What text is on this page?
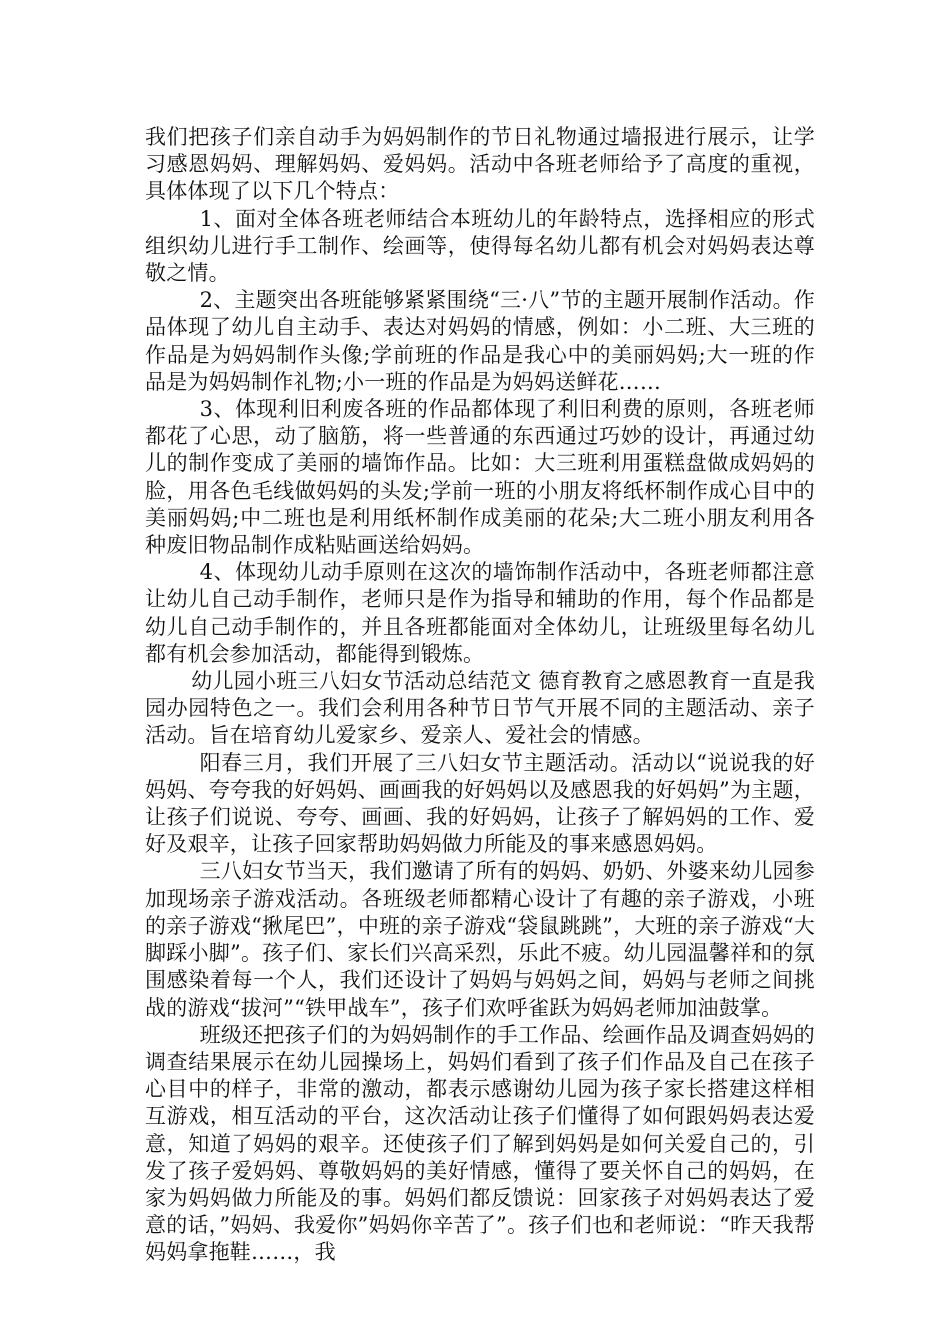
我们把孩子们亲自动手为妈妈制作的节日礼物通过墙报进行展示，让学习感恩妈妈、理解妈妈、爱妈妈。活动中各班老师给予了高度的重视，具体体现了以下几个特点：

1、面对全体各班老师结合本班幼儿的年龄特点，选择相应的形式组织幼儿进行手工制作、绘画等，使得每名幼儿都有机会对妈妈表达尊敬之情。

2、主题突出各班能够紧紧围绕“三·八”节的主题开展制作活动。作品体现了幼儿自主动手、表达对妈妈的情感，例如：小二班、大三班的作品是为妈妈制作头像;学前班的作品是我心中的美丽妈妈;大一班的作品是为妈妈制作礼物;小一班的作品是为妈妈送鲜花……

3、体现利旧利废各班的作品都体现了利旧利费的原则，各班老师都花了心思，动了脑筋，将一些普通的东西通过巧妙的设计，再通过幼儿的制作变成了美丽的墙饰作品。比如：大三班利用蛋糕盘做成妈妈的脸，用各色毛线做妈妈的头发;学前一班的小朋友将纸杯制作成心目中的美丽妈妈;中二班也是利用纸杯制作成美丽的花朵;大二班小朋友利用各种废旧物品制作成粘贴画送给妈妈。

4、体现幼儿动手原则在这次的墙饰制作活动中，各班老师都注意让幼儿自己动手制作，老师只是作为指导和辅助的作用，每个作品都是幼儿自己动手制作的，并且各班都能面对全体幼儿，让班级里每名幼儿都有机会参加活动，都能得到锻炼。

幼儿园小班三八妇女节活动总结范文 德育教育之感恩教育一直是我园办园特色之一。我们会利用各种节日节气开展不同的主题活动、亲子活动。旨在培育幼儿爱家乡、爱亲人、爱社会的情感。

阳春三月，我们开展了三八妇女节主题活动。活动以“说说我的好妈妈、夸夸我的好妈妈、画画我的好妈妈以及感恩我的好妈妈”为主题，让孩子们说说、夸夸、画画、我的好妈妈，让孩子了解妈妈的工作、爱好及艰辛，让孩子回家帮助妈妈做力所能及的事来感恩妈妈。

三八妇女节当天，我们邀请了所有的妈妈、奶奶、外婆来幼儿园参加现场亲子游戏活动。各班级老师都精心设计了有趣的亲子游戏，小班的亲子游戏“揪尾巴”，中班的亲子游戏“袋鼠跳跳”，大班的亲子游戏“大脚踩小脚”。孩子们、家长们兴高采烈，乐此不疲。幼儿园温馨祥和的氛围感染着每一个人，我们还设计了妈妈与妈妈之间，妈妈与老师之间挑战的游戏“拔河”“铁甲战车”，孩子们欢呼雀跃为妈妈老师加油鼓掌。

班级还把孩子们的为妈妈制作的手工作品、绘画作品及调查妈妈的调查结果展示在幼儿园操场上，妈妈们看到了孩子们作品及自己在孩子心目中的样子，非常的激动，都表示感谢幼儿园为孩子家长搭建这样相互游戏，相互活动的平台，这次活动让孩子们懂得了如何跟妈妈表达爱意，知道了妈妈的艰辛。还使孩子们了解到妈妈是如何关爱自己的，引发了孩子爱妈妈、尊敬妈妈的美好情感，懂得了要关怀自己的妈妈，在家为妈妈做力所能及的事。妈妈们都反馈说：回家孩子对妈妈表达了爱意的话，”妈妈、我爱你”妈妈你辛苦了”。孩子们也和老师说：“昨天我帮妈妈拿拖鞋……，我
